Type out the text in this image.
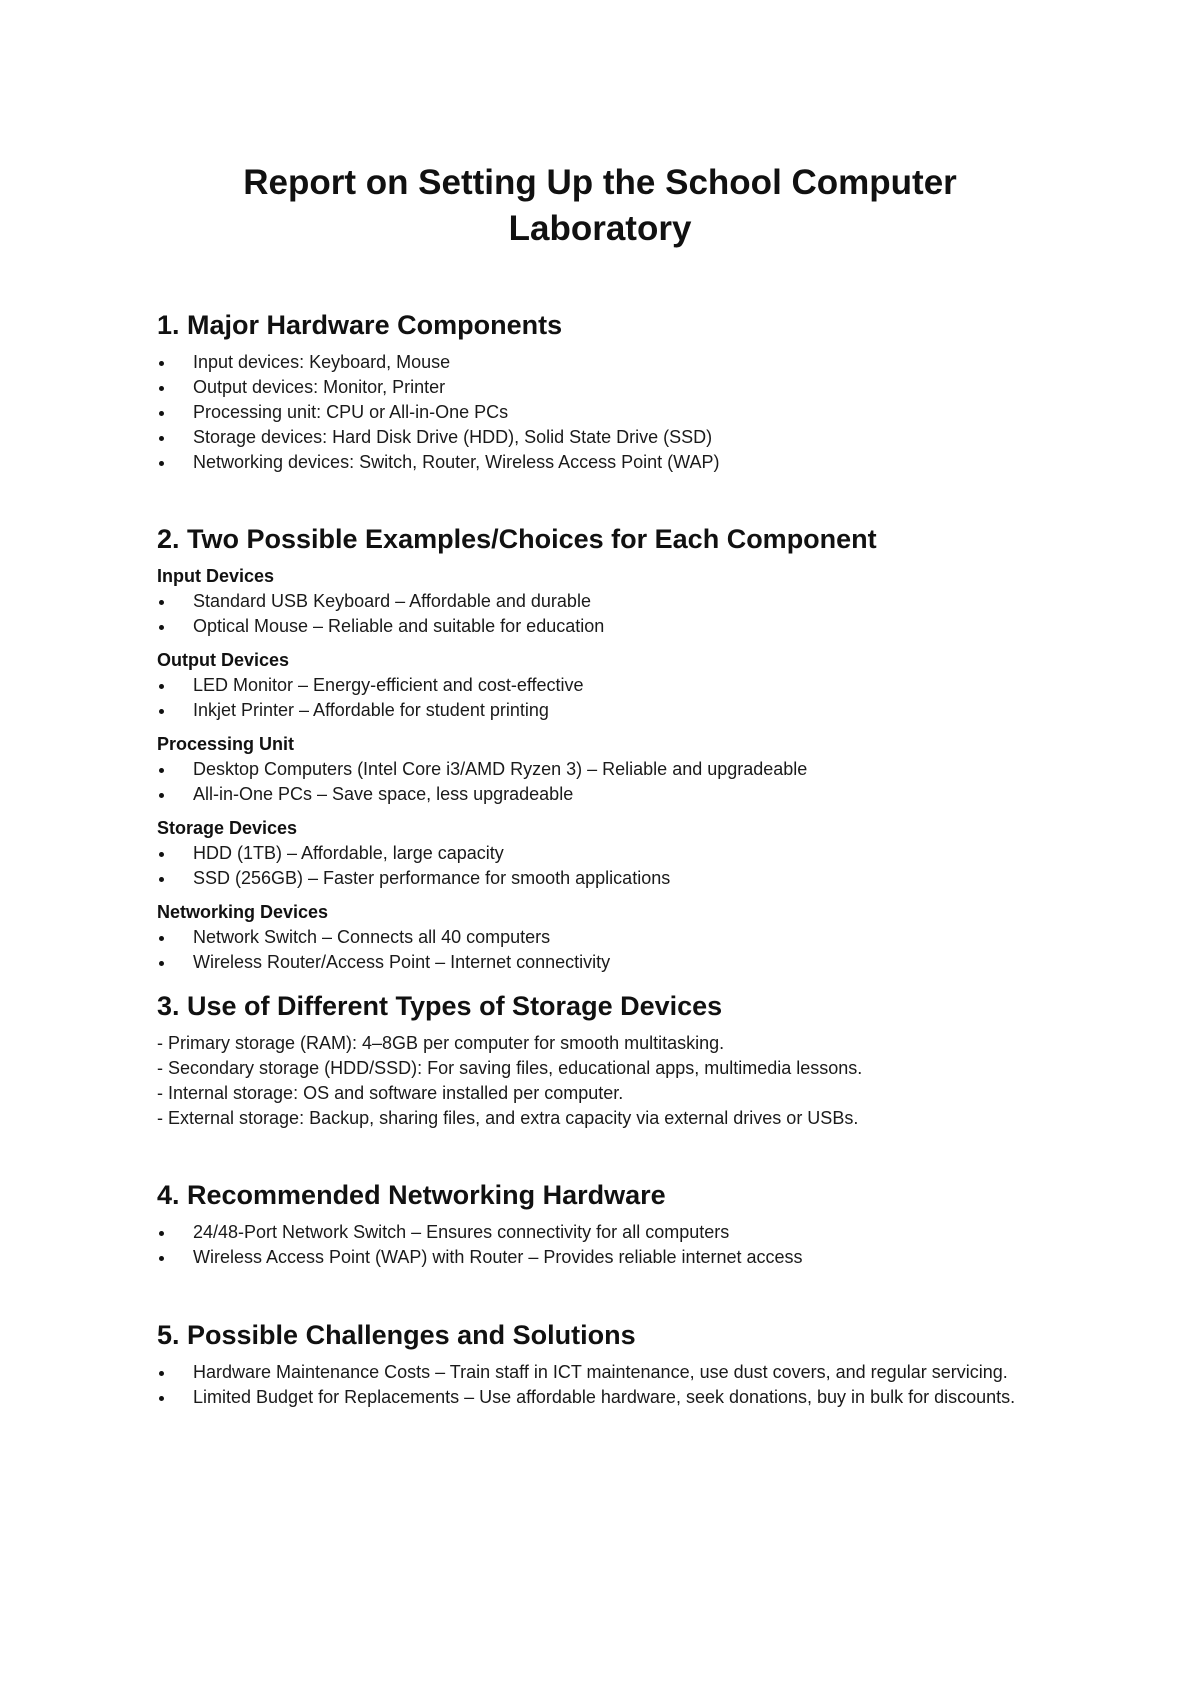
Report on Setting Up the School Computer Laboratory
1. Major Hardware Components
Input devices: Keyboard, Mouse
Output devices: Monitor, Printer
Processing unit: CPU or All-in-One PCs
Storage devices: Hard Disk Drive (HDD), Solid State Drive (SSD)
Networking devices: Switch, Router, Wireless Access Point (WAP)
2. Two Possible Examples/Choices for Each Component
Input Devices
Standard USB Keyboard – Affordable and durable
Optical Mouse – Reliable and suitable for education
Output Devices
LED Monitor – Energy-efficient and cost-effective
Inkjet Printer – Affordable for student printing
Processing Unit
Desktop Computers (Intel Core i3/AMD Ryzen 3) – Reliable and upgradeable
All-in-One PCs – Save space, less upgradeable
Storage Devices
HDD (1TB) – Affordable, large capacity
SSD (256GB) – Faster performance for smooth applications
Networking Devices
Network Switch – Connects all 40 computers
Wireless Router/Access Point – Internet connectivity
3. Use of Different Types of Storage Devices
- Primary storage (RAM): 4–8GB per computer for smooth multitasking.
- Secondary storage (HDD/SSD): For saving files, educational apps, multimedia lessons.
- Internal storage: OS and software installed per computer.
- External storage: Backup, sharing files, and extra capacity via external drives or USBs.
4. Recommended Networking Hardware
24/48-Port Network Switch – Ensures connectivity for all computers
Wireless Access Point (WAP) with Router – Provides reliable internet access
5. Possible Challenges and Solutions
Hardware Maintenance Costs – Train staff in ICT maintenance, use dust covers, and regular servicing.
Limited Budget for Replacements – Use affordable hardware, seek donations, buy in bulk for discounts.
